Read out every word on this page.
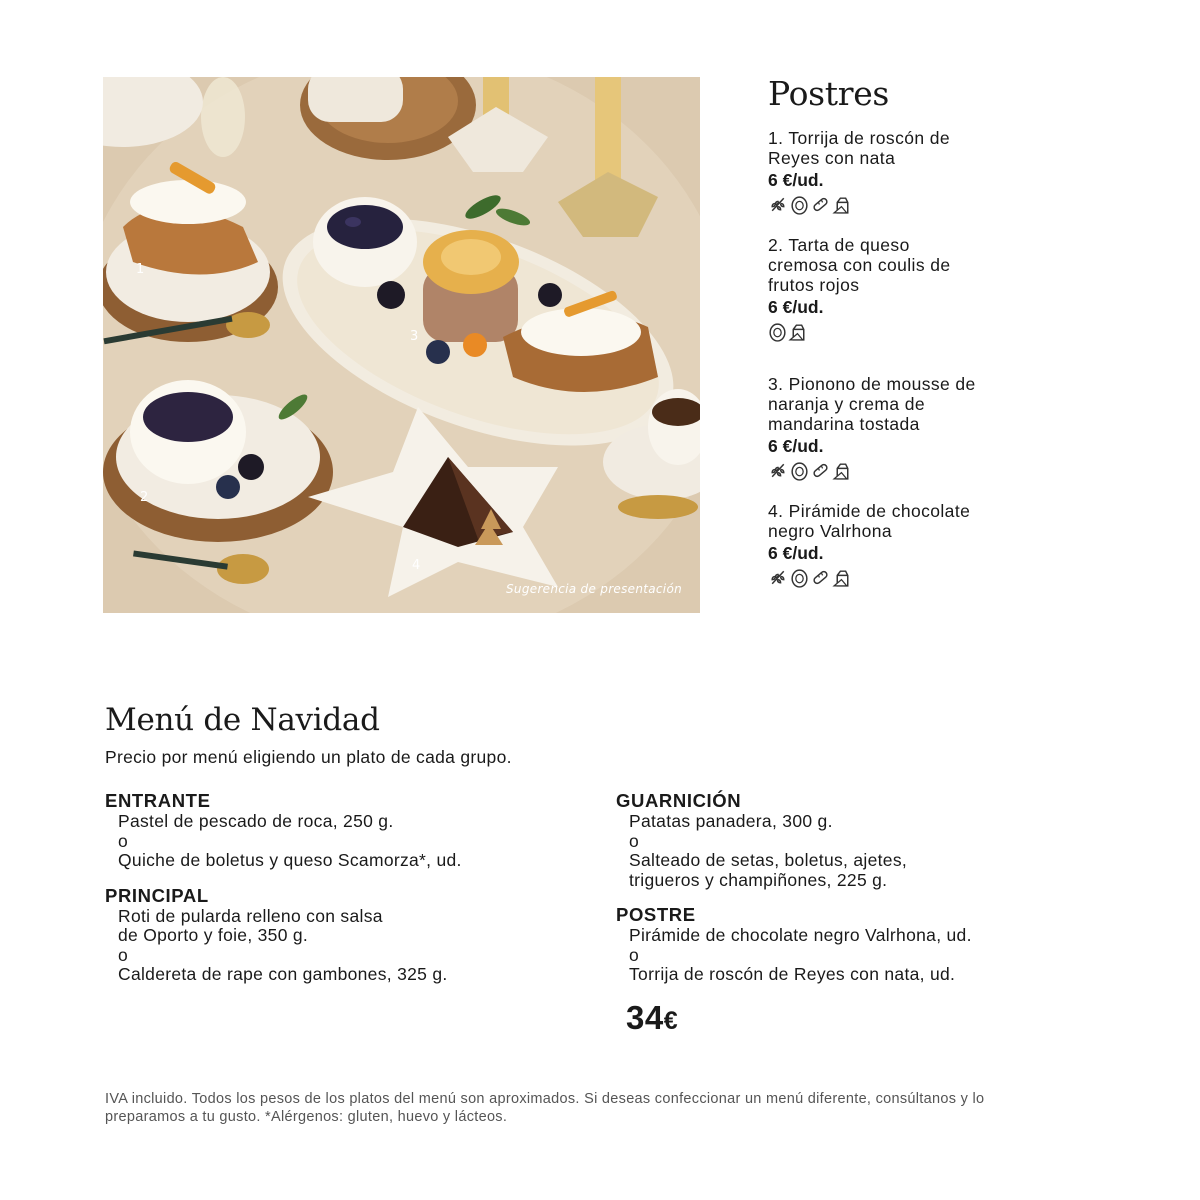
1
2
3
4
Sugerencia de presentación
Postres
1. Torrija de roscón de Reyes con nata
6 €/ud.
2. Tarta de queso cremosa con coulis de frutos rojos
6 €/ud.
3. Pionono de mousse de naranja y crema de mandarina tostada
6 €/ud.
4. Pirámide de chocolate negro Valrhona
6 €/ud.
Menú de Navidad
Precio por menú eligiendo un plato de cada grupo.
ENTRANTE
Pastel de pescado de roca, 250 g.
o
Quiche de boletus y queso Scamorza*, ud.
PRINCIPAL
Roti de pularda relleno con salsa
de Oporto y foie, 350 g.
o
Caldereta de rape con gambones, 325 g.
GUARNICIÓN
Patatas panadera, 300 g.
o
Salteado de setas, boletus, ajetes,
trigueros y champiñones, 225 g.
POSTRE
Pirámide de chocolate negro Valrhona, ud.
o
Torrija de roscón de Reyes con nata, ud.
34€
IVA incluido. Todos los pesos de los platos del menú son aproximados. Si deseas confeccionar un menú diferente, consúltanos y lo preparamos a tu gusto. *Alérgenos: gluten, huevo y lácteos.
